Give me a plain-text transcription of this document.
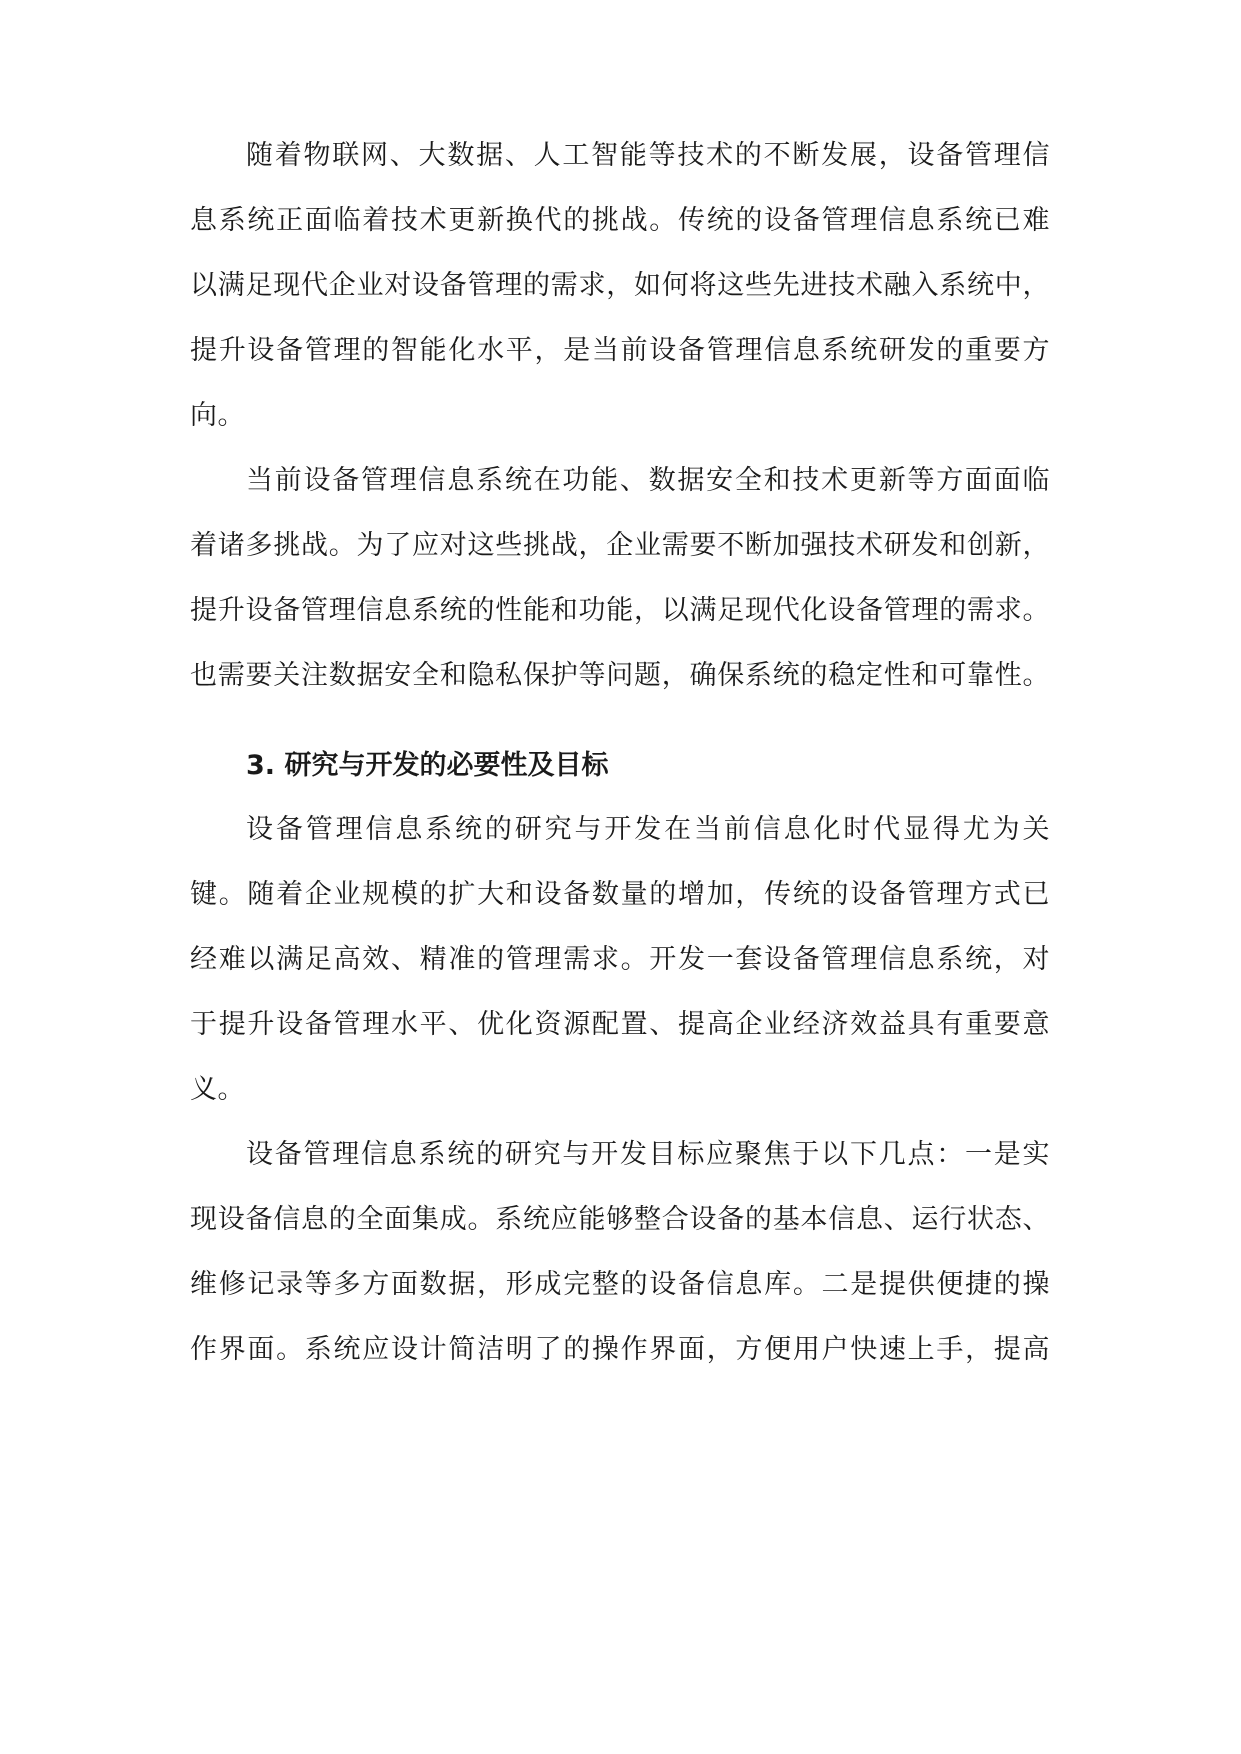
随着物联网、大数据、人工智能等技术的不断发展，设备管理信
息系统正面临着技术更新换代的挑战。传统的设备管理信息系统已难
以满足现代企业对设备管理的需求，如何将这些先进技术融入系统中，
提升设备管理的智能化水平，是当前设备管理信息系统研发的重要方
向。
当前设备管理信息系统在功能、数据安全和技术更新等方面面临
着诸多挑战。为了应对这些挑战，企业需要不断加强技术研发和创新，
提升设备管理信息系统的性能和功能，以满足现代化设备管理的需求。
也需要关注数据安全和隐私保护等问题，确保系统的稳定性和可靠性。
3. 研究与开发的必要性及目标
设备管理信息系统的研究与开发在当前信息化时代显得尤为关
键。随着企业规模的扩大和设备数量的增加，传统的设备管理方式已
经难以满足高效、精准的管理需求。开发一套设备管理信息系统，对
于提升设备管理水平、优化资源配置、提高企业经济效益具有重要意
义。
设备管理信息系统的研究与开发目标应聚焦于以下几点：一是实
现设备信息的全面集成。系统应能够整合设备的基本信息、运行状态、
维修记录等多方面数据，形成完整的设备信息库。二是提供便捷的操
作界面。系统应设计简洁明了的操作界面，方便用户快速上手，提高
